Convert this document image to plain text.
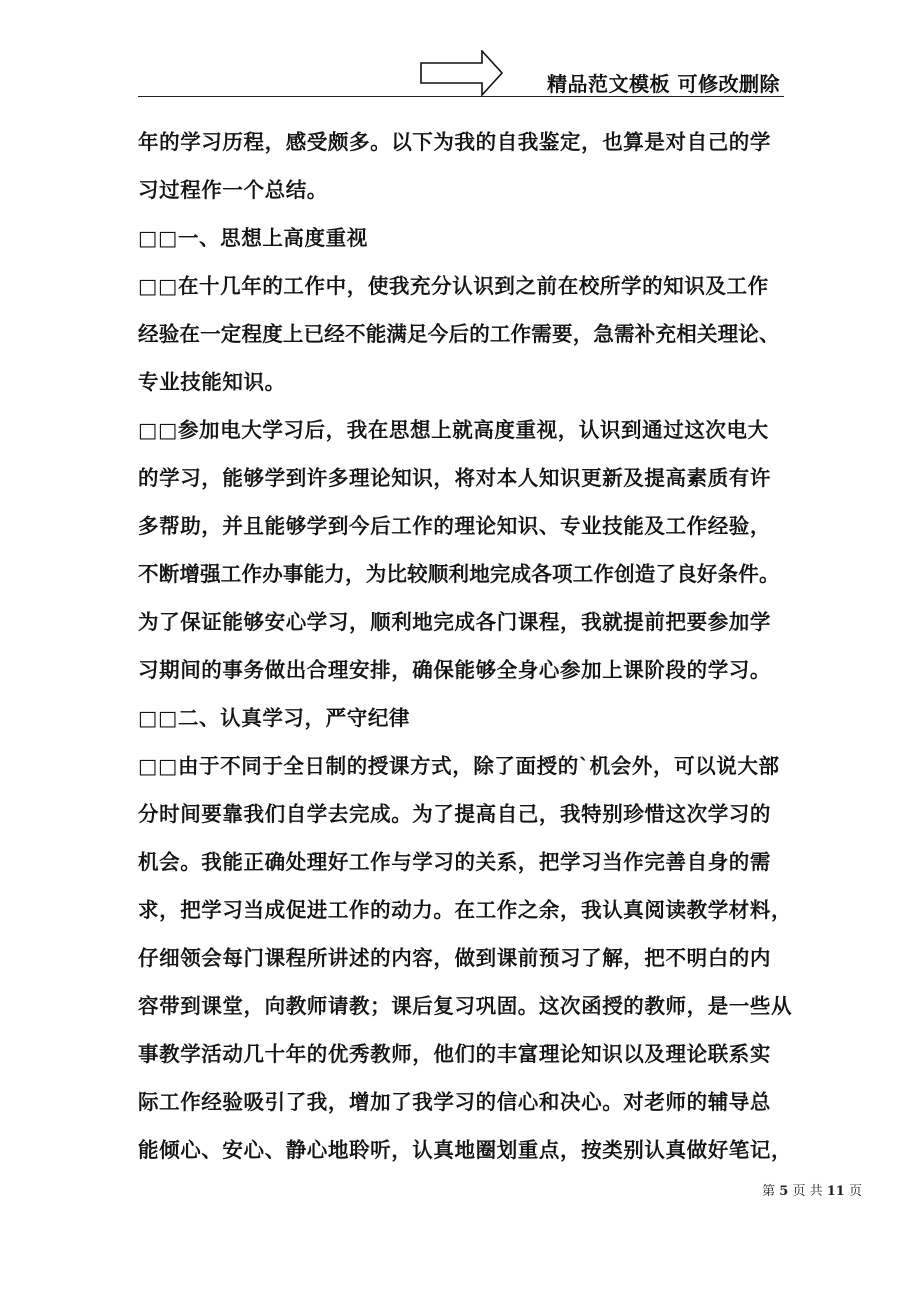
精品范文模板 可修改删除
年的学习历程，感受颇多。以下为我的自我鉴定，也算是对自己的学
习过程作一个总结。
□□一、思想上高度重视
□□在十几年的工作中，使我充分认识到之前在校所学的知识及工作
经验在一定程度上已经不能满足今后的工作需要，急需补充相关理论、
专业技能知识。
□□参加电大学习后，我在思想上就高度重视，认识到通过这次电大
的学习，能够学到许多理论知识，将对本人知识更新及提高素质有许
多帮助，并且能够学到今后工作的理论知识、专业技能及工作经验，
不断增强工作办事能力，为比较顺利地完成各项工作创造了良好条件。
为了保证能够安心学习，顺利地完成各门课程，我就提前把要参加学
习期间的事务做出合理安排，确保能够全身心参加上课阶段的学习。
□□二、认真学习，严守纪律
□□由于不同于全日制的授课方式，除了面授的`机会外，可以说大部
分时间要靠我们自学去完成。为了提高自己，我特别珍惜这次学习的
机会。我能正确处理好工作与学习的关系，把学习当作完善自身的需
求，把学习当成促进工作的动力。在工作之余，我认真阅读教学材料，
仔细领会每门课程所讲述的内容，做到课前预习了解，把不明白的内
容带到课堂，向教师请教；课后复习巩固。这次函授的教师，是一些从
事教学活动几十年的优秀教师，他们的丰富理论知识以及理论联系实
际工作经验吸引了我，增加了我学习的信心和决心。对老师的辅导总
能倾心、安心、静心地聆听，认真地圈划重点，按类别认真做好笔记，
第 5 页 共 11 页
